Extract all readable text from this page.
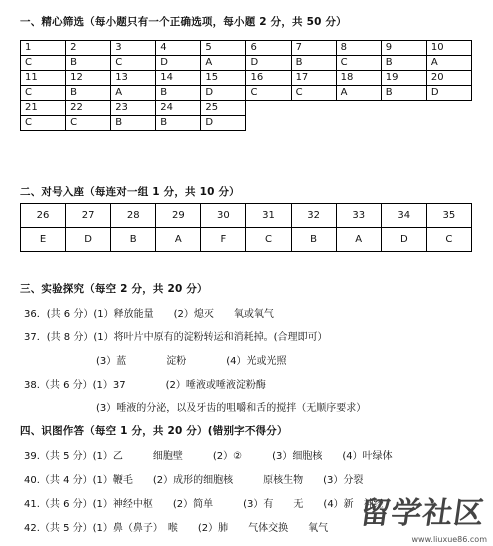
一、精心筛选（每小题只有一个正确选项，每小题 2 分，共 50 分）
1	2	3	4	5	6	7	8	9	10
C	B	C	D	A	D	B	C	B	A
11	12	13	14	15	16	17	18	19	20
C	B	A	B	D	C	C	A	B	D
21	22	23	24	25					
C	C	B	B	D					
二、对号入座（每连对一组 1 分，共 10 分）
26	27	28	29	30	31	32	33	34	35
E	D	B	A	F	C	B	A	D	C
三、实验探究（每空 2 分，共 20 分）
36．(共 6 分）(1）释放能量　　(2）熄灭　　氧或氧气
37．(共 8 分）(1）将叶片中原有的淀粉转运和消耗掉。(合理即可）
(3）蓝　　　　淀粉　　　　(4）光或光照
38.（共 6 分）(1）37　　　　(2）唾液或唾液淀粉酶
(3）唾液的分泌，以及牙齿的咀嚼和舌的搅拌（无顺序要求）
四、识图作答（每空 1 分，共 20 分）(错别字不得分）
39.（共 5 分）(1）乙　　　细胞壁　　　(2）②　　　(3）细胞核　　(4）叶绿体
40.（共 4 分）(1）鞭毛　　(2）成形的细胞核　　　原核生物　　(3）分裂
41.（共 6 分）(1）神经中枢　　(2）简单　　　(3）有　　无　　(4）新　神经
42.（共 5 分）(1）鼻（鼻子）　喉　　(2）肺　　气体交换　　氧气 留学社区
www.liuxue86.com
